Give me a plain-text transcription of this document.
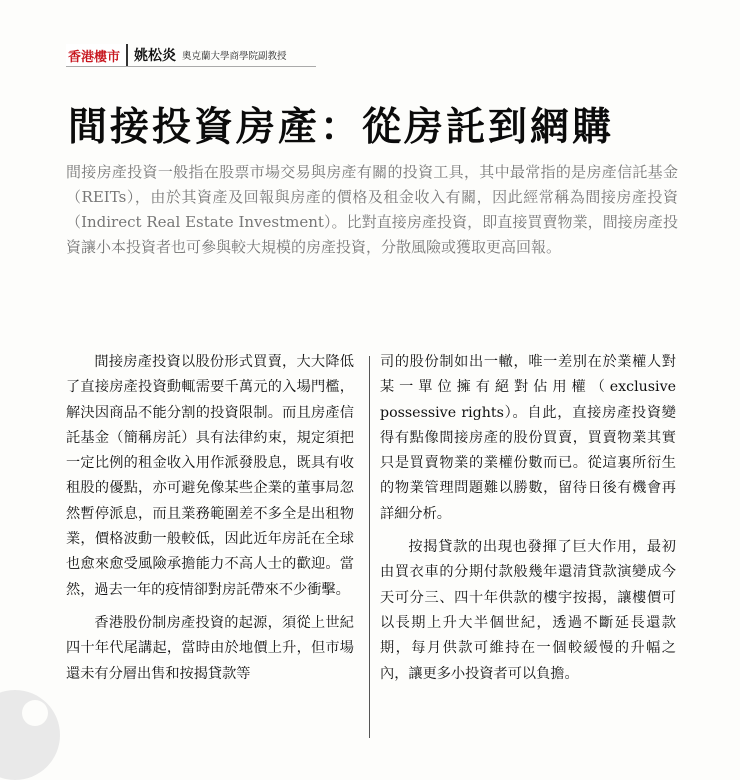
香港樓市	姚松炎 奧克蘭大學商學院副教授
間接投資房產：從房託到網購
間接房產投資一般指在股票市場交易與房產有關的投資工具，其中最常指的是房產信託基金（REITs），由於其資產及回報與房產的價格及租金收入有關，因此經常稱為間接房產投資（Indirect Real Estate Investment）。比對直接房產投資，即直接買賣物業，間接房產投資讓小本投資者也可參與較大規模的房產投資，分散風險或獲取更高回報。

間接房產投資以股份形式買賣，大大降低了直接房產投資動輒需要千萬元的入場門檻，解決因商品不能分割的投資限制。而且房產信託基金（簡稱房託）具有法律約束，規定須把一定比例的租金收入用作派發股息，既具有收租股的優點，亦可避免像某些企業的董事局忽然暫停派息，而且業務範圍差不多全是出租物業，價格波動一般較低，因此近年房託在全球也愈來愈受風險承擔能力不高人士的歡迎。當然，過去一年的疫情卻對房託帶來不少衝擊。

香港股份制房產投資的起源，須從上世紀四十年代尾講起，當時由於地價上升，但市場還未有分層出售和按揭貸款等

司的股份制如出一轍，唯一差別在於業權人對某一單位擁有絕對佔用權（exclusive possessive rights）。自此，直接房產投資變得有點像間接房產的股份買賣，買賣物業其實只是買賣物業的業權份數而已。從這裏所衍生的物業管理問題難以勝數，留待日後有機會再詳細分析。

按揭貸款的出現也發揮了巨大作用，最初由買衣車的分期付款般幾年還清貸款演變成今天可分三、四十年供款的樓宇按揭，讓樓價可以長期上升大半個世紀，透過不斷延長還款期，每月供款可維持在一個較緩慢的升幅之內，讓更多小投資者可以負擔。
